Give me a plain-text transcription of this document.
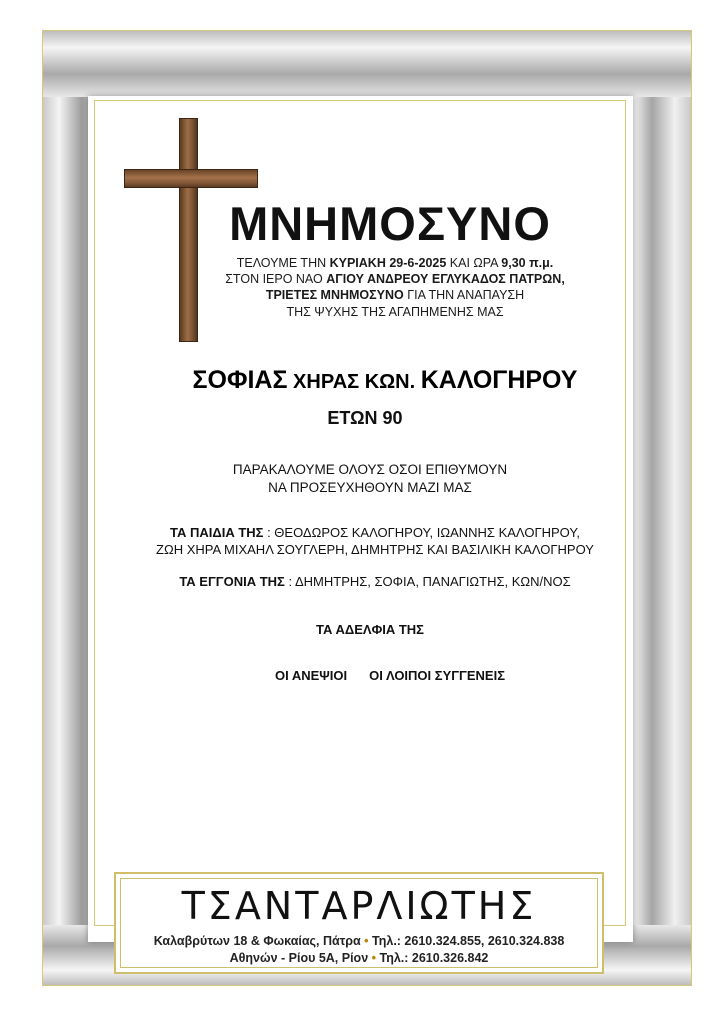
ΜΝΗΜΟΣΥΝΟ

ΤΕΛΟΥΜΕ ΤΗΝ ΚΥΡΙΑΚΗ 29-6-2025 ΚΑΙ ΩΡΑ 9,30 π.μ.

ΣΤΟΝ ΙΕΡΟ ΝΑΟ ΑΓΙΟΥ ΑΝΔΡΕΟΥ ΕΓΛΥΚΑΔΟΣ ΠΑΤΡΩΝ,

ΤΡΙΕΤΕΣ ΜΝΗΜΟΣΥΝΟ ΓΙΑ ΤΗΝ ΑΝΑΠΑΥΣΗ

ΤΗΣ ΨΥΧΗΣ ΤΗΣ ΑΓΑΠΗΜΕΝΗΣ ΜΑΣ

ΣΟΦΙΑΣ ΧΗΡΑΣ ΚΩΝ. ΚΑΛΟΓΗΡΟΥ

ΕΤΩΝ 90

ΠΑΡΑΚΑΛΟΥΜΕ ΟΛΟΥΣ ΟΣΟΙ ΕΠΙΘΥΜΟΥΝ

ΝΑ ΠΡΟΣΕΥΧΗΘΟΥΝ ΜΑΖΙ ΜΑΣ

ΤΑ ΠΑΙΔΙΑ ΤΗΣ : ΘΕΟΔΩΡΟΣ ΚΑΛΟΓΗΡΟΥ, ΙΩΑΝΝΗΣ ΚΑΛΟΓΗΡΟΥ,

ΖΩΗ ΧΗΡΑ ΜΙΧΑΗΛ ΣΟΥΓΛΕΡΗ, ΔΗΜΗΤΡΗΣ ΚΑΙ ΒΑΣΙΛΙΚΗ ΚΑΛΟΓΗΡΟΥ

ΤΑ ΕΓΓΟΝΙΑ ΤΗΣ : ΔΗΜΗΤΡΗΣ, ΣΟΦΙΑ, ΠΑΝΑΓΙΩΤΗΣ, ΚΩΝ/ΝΟΣ

ΤΑ ΑΔΕΛΦΙΑ ΤΗΣ

ΟΙ ΑΝΕΨΙΟΙ ΟΙ ΛΟΙΠΟΙ ΣΥΓΓΕΝΕΙΣ

ΤΣΑΝΤΑΡΛΙΩΤΗΣ

Καλαβρύτων 18 & Φωκαίας, Πάτρα • Τηλ.: 2610.324.855, 2610.324.838

Αθηνών - Ρίου 5Α, Ρίον • Τηλ.: 2610.326.842
